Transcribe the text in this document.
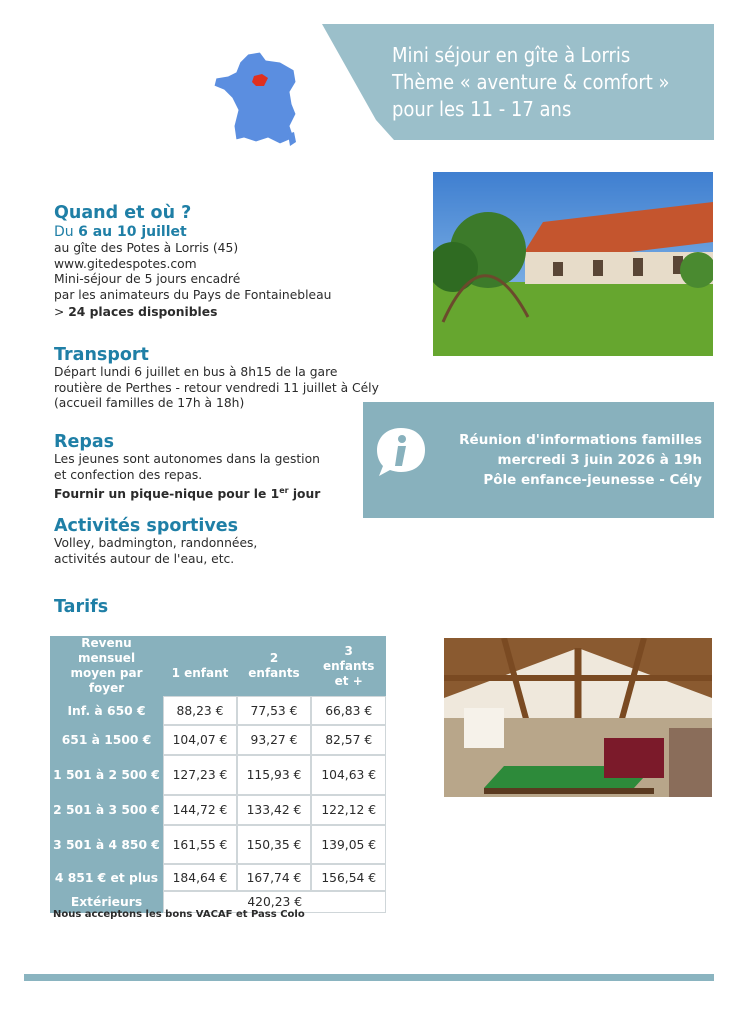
Mini séjour en gîte à Lorris
Thème « aventure & comfort »
pour les 11 - 17 ans

Quand et où ?

Du 6 au 10 juillet

au gîte des Potes à Lorris (45)

www.gitedespotes.com

Mini-séjour de 5 jours encadré

par les animateurs du Pays de Fontainebleau

> 24 places disponibles

Transport

Départ lundi 6 juillet en bus à 8h15 de la gare

routière de Perthes - retour vendredi 11 juillet à Cély

(accueil familles de 17h à 18h)

Repas

Les jeunes sont autonomes dans la gestion

et confection des repas.

Fournir un pique-nique pour le 1er jour

Activités sportives

Volley, badmington, randonnées,

activités autour de l'eau, etc.

Réunion d'informations familles
mercredi 3 juin 2026 à 19h
Pôle enfance-jeunesse - Cély

Tarifs

Revenu mensuel moyen par foyer	1 enfant	2 enfants	3 enfants et +
Inf. à 650 €	88,23 €	77,53 €	66,83 €
651 à 1500 €	104,07 €	93,27 €	82,57 €
1 501 à 2 500 €	127,23 €	115,93 €	104,63 €
2 501 à 3 500 €	144,72 €	133,42 €	122,12 €
3 501 à 4 850 €	161,55 €	150,35 €	139,05 €
4 851 € et plus	184,64 €	167,74 €	156,54 €
Extérieurs	420,23 €		
Nous acceptons les bons VACAF et Pass Colo
